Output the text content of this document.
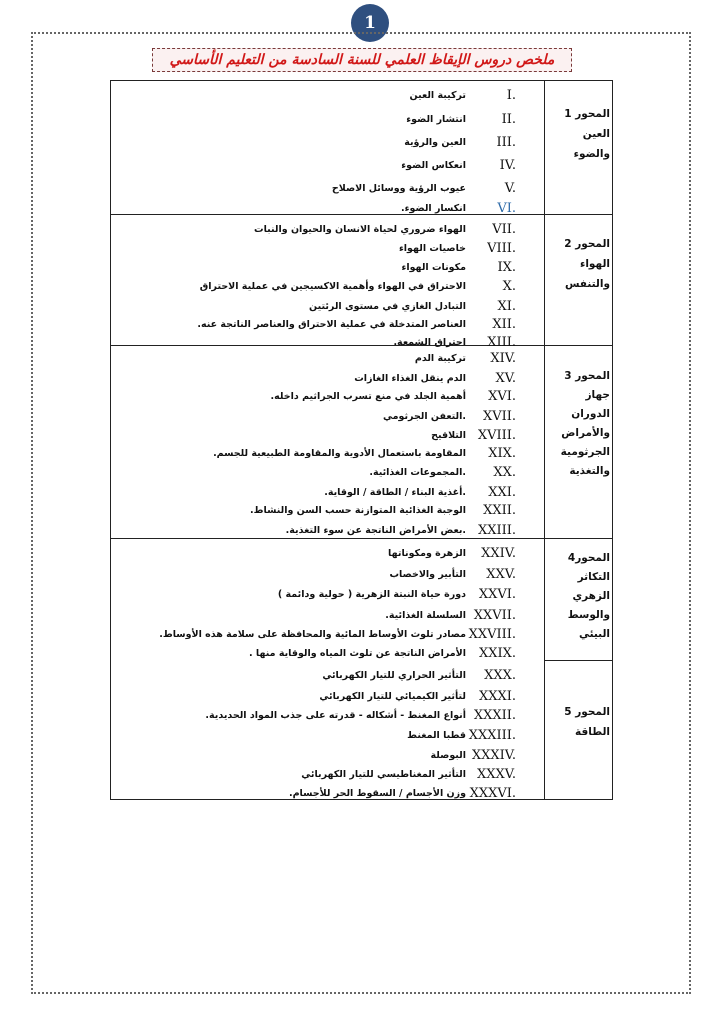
1
ملخص دروس الإيقاظ العلمي للسنة السادسة من التعليم الأساسي
المحور 1
العين والضوء
المحور 2
الهواء والتنفس
المحور 3
جهاز الدوران والأمراض الجرثومية والتغذية
المحور4
التكاثر الزهري والوسط البيئي
المحور 5
الطاقة
I.
تركيبة العين
II.
انتشار الضوء
III.
العين والرؤية
IV.
انعكاس الضوء
V.
عيوب الرؤية ووسائل الاصلاح
VI.
انكسار الضوء.
VII.
الهواء ضروري لحياة الانسان والحيوان والنبات
VIII.
خاصيات الهواء
IX.
مكونات الهواء
X.
الاحتراق في الهواء وأهمية الاكسيجين في عملية الاحتراق
XI.
التبادل الغازي في مستوى الرئتين
XII.
العناصر المتدخلة في عملية الاحتراق والعناصر الناتجة عنه.
XIII.
احتراق الشمعة.
XIV.
تركيبة الدم
XV.
الدم ينقل الغذاء الغازات
XVI.
أهمية الجلد في منع تسرب الجراثيم داخله.
XVII.
.التعفن الجرثومي
XVIII.
التلاقيح
XIX.
المقاومة باستعمال الأدوية والمقاومة الطبيعية للجسم.
XX.
.المجموعات الغذائية.
XXI.
.أغذية البناء / الطاقة / الوقاية.
XXII.
الوجبة الغذائية المتوازنة حسب السن والنشاط.
XXIII.
.بعض الأمراض الناتجة عن سوء التغذية.
XXIV.
الزهرة ومكوناتها
XXV.
التأبير والاخصاب
XXVI.
دورة حياة النبتة الزهرية ( حولية ودائمة )
XXVII.
السلسلة الغذائية.
XXVIII.
مصادر تلوث الأوساط المائية والمحافظة على سلامة هذه الأوساط.
XXIX.
الأمراض الناتجة عن تلوث المياه والوقاية منها .
XXX.
التأثير الحراري للتيار الكهربائي
XXXI.
لتأثير الكيميائي للتيار الكهربائي
XXXII.
أنواع المغنط - أشكاله - قدرته على جذب المواد الحديدية.
XXXIII.
قطبا المغنط
XXXIV.
البوصلة
XXXV.
التأثير المغناطيسي للتيار الكهربائي
XXXVI.
وزن الأجسام / السقوط الحر للأجسام.
